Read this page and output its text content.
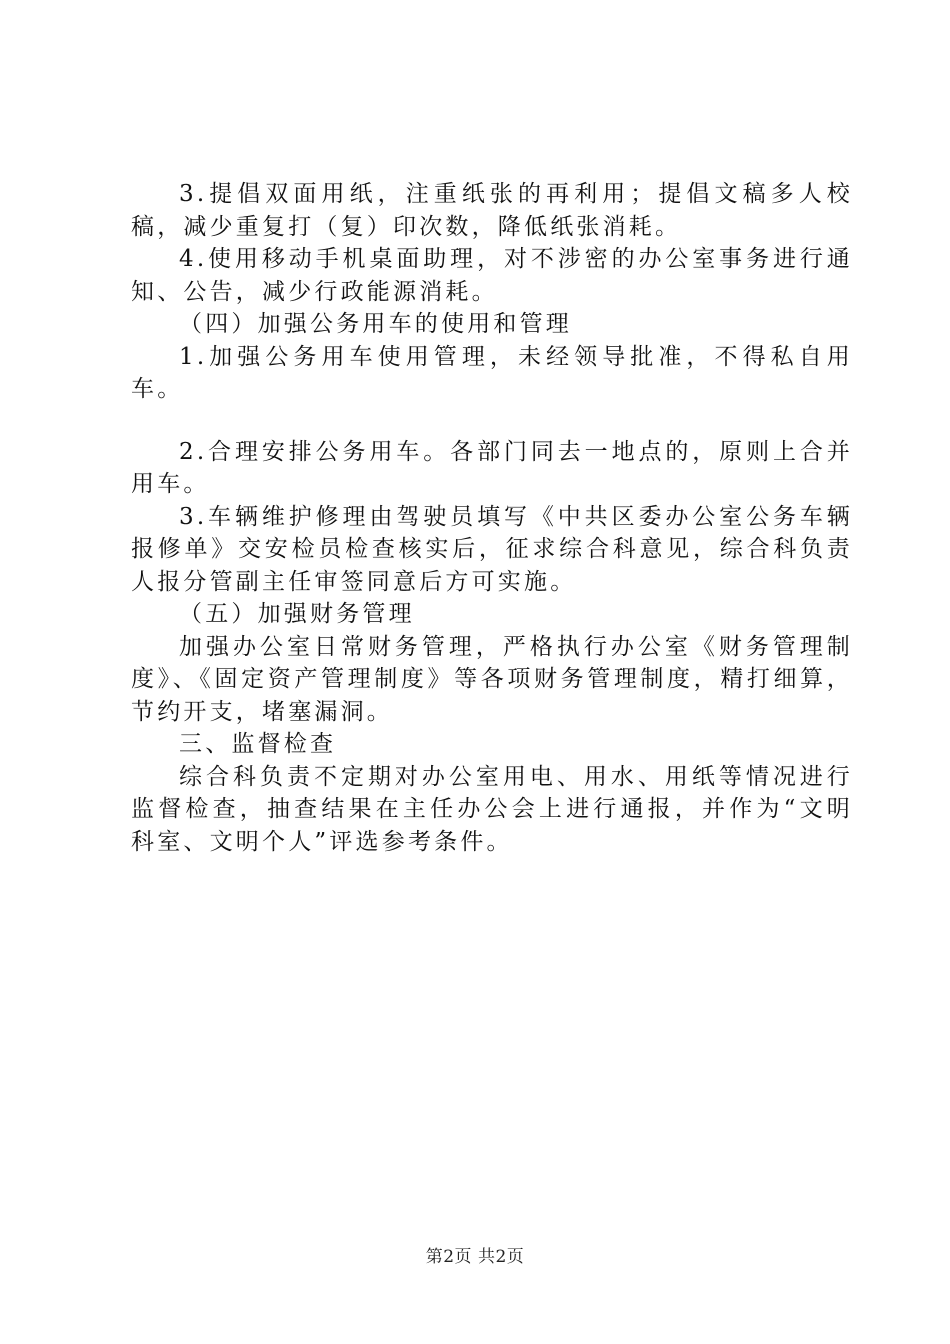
3.提倡双面用纸，注重纸张的再利用；提倡文稿多人校稿，减少重复打（复）印次数，降低纸张消耗。

4.使用移动手机桌面助理，对不涉密的办公室事务进行通知、公告，减少行政能源消耗。

（四）加强公务用车的使用和管理

1.加强公务用车使用管理，未经领导批准，不得私自用车。

2.合理安排公务用车。各部门同去一地点的，原则上合并用车。

3.车辆维护修理由驾驶员填写《中共区委办公室公务车辆报修单》交安检员检查核实后，征求综合科意见，综合科负责人报分管副主任审签同意后方可实施。

（五）加强财务管理

加强办公室日常财务管理，严格执行办公室《财务管理制度》、《固定资产管理制度》等各项财务管理制度，精打细算，节约开支，堵塞漏洞。

三、监督检查

综合科负责不定期对办公室用电、用水、用纸等情况进行监督检查，抽查结果在主任办公会上进行通报，并作为“文明科室、文明个人”评选参考条件。

第2页 共2页
